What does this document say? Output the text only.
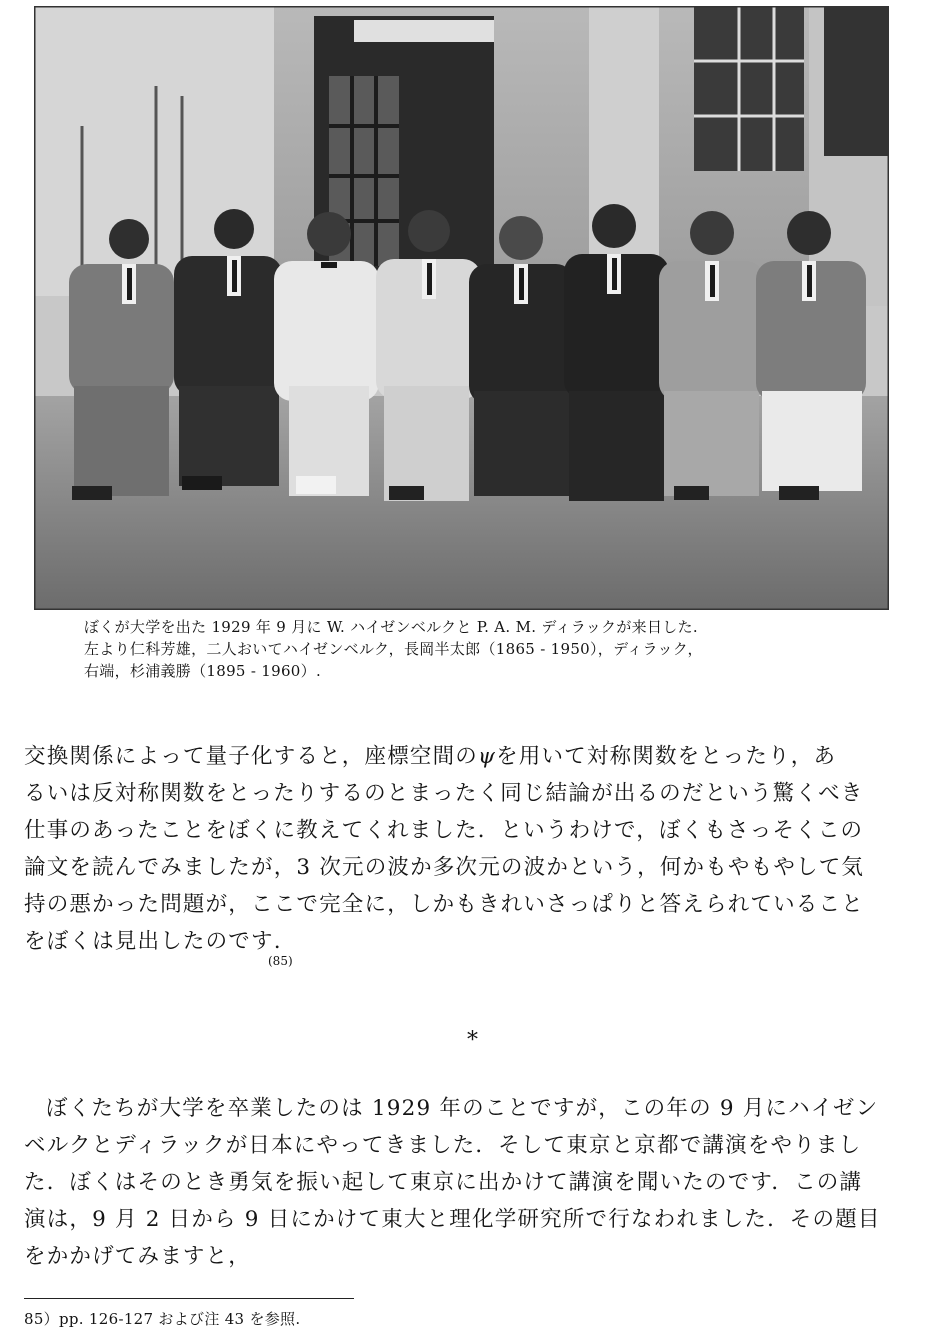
ぼくが大学を出た 1929 年 9 月に W. ハイゼンベルクと P. A. M. ディラックが来日した.
左より仁科芳雄，二人おいてハイゼンベルク，長岡半太郎（1865 - 1950），ディラック，
右端，杉浦義勝（1895 - 1960）.
交換関係によって量子化すると，座標空間のψを用いて対称関数をとったり，あ
るいは反対称関数をとったりするのとまったく同じ結論が出るのだという驚くべき
仕事のあったことをぼくに教えてくれました．というわけで，ぼくもさっそくこの
論文を読んでみましたが，3 次元の波か多次元の波かという，何かもやもやして気
持の悪かった問題が，ここで完全に，しかもきれいさっぱりと答えられていること
をぼくは見出したのです.
(85)
*
ぼくたちが大学を卒業したのは 1929 年のことですが，この年の 9 月にハイゼン
ベルクとディラックが日本にやってきました．そして東京と京都で講演をやりまし
た．ぼくはそのとき勇気を振い起して東京に出かけて講演を聞いたのです．この講
演は，9 月 2 日から 9 日にかけて東大と理化学研究所で行なわれました．その題目
をかかげてみますと，
85）pp. 126-127 および注 43 を参照.
